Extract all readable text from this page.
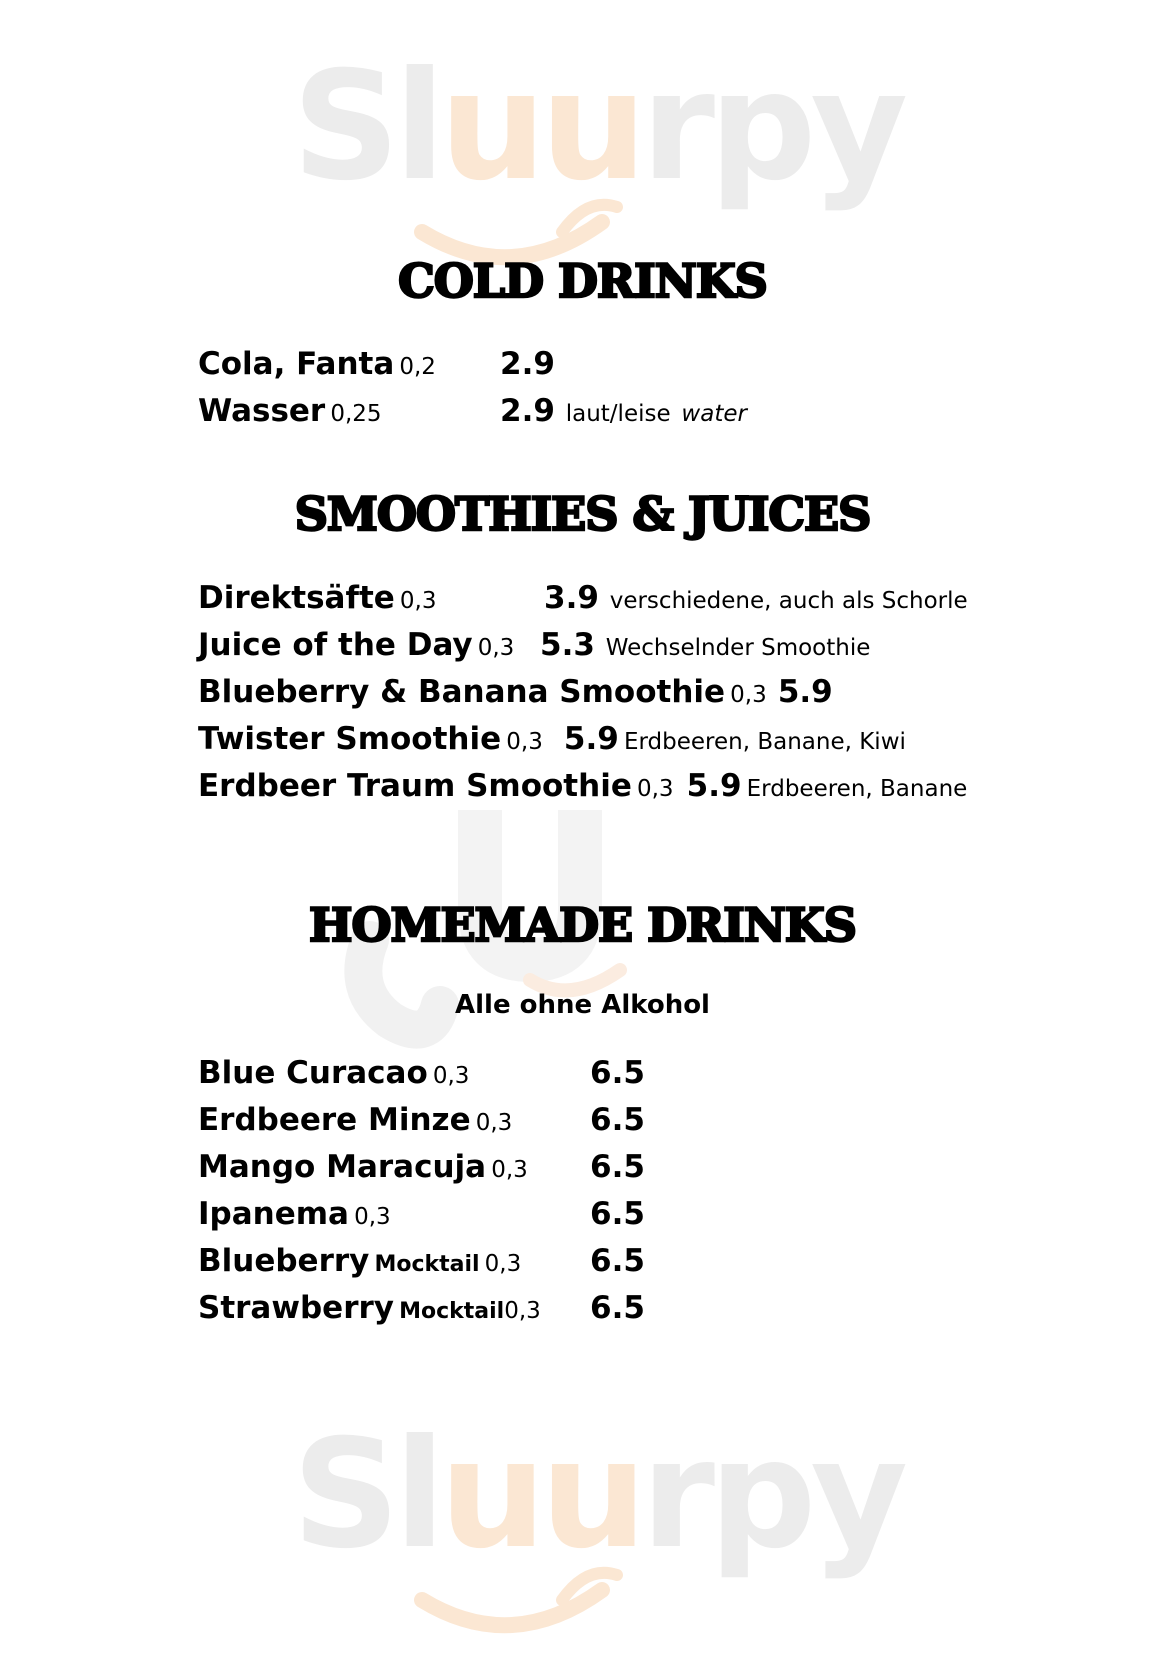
Sluurpy
Sluurpy
COLD DRINKS
Cola, Fanta 0,2 2.9
Wasser 0,25	2.9 laut/leise water
SMOOTHIES & JUICES
Direktsäfte 0,3	3.9 verschiedene, auch als Schorle
Juice of the Day 0,3 5.3 Wechselnder Smoothie
Blueberry & Banana Smoothie 0,3 5.9
Twister Smoothie 0,3 5.9 Erdbeeren, Banane, Kiwi
Erdbeer Traum Smoothie 0,3 5.9 Erdbeeren, Banane
HOMEMADE DRINKS
Alle ohne Alkohol
Blue Curacao 0,3	6.5
Erdbeere Minze 0,3	6.5
Mango Maracuja 0,3 6.5
Ipanema 0,3	6.5
Blueberry Mocktail 0,3 6.5
Strawberry Mocktail0,3 6.5
